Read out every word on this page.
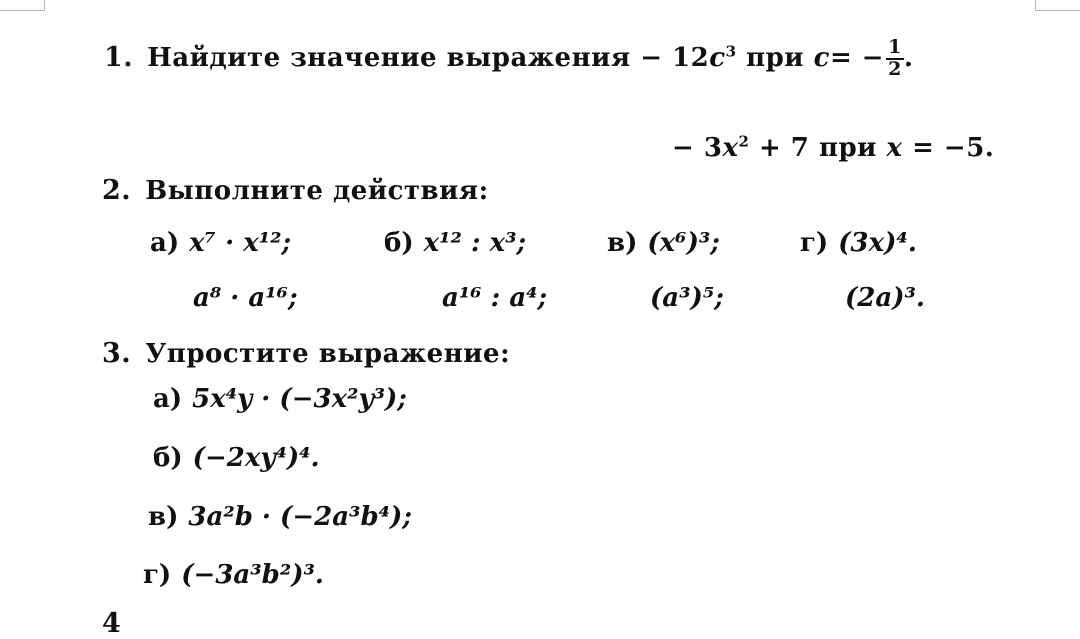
1. Найдите значение выражения − $12c^3$ при $c= - \frac{1}{2}$ .
− $3x^2 + 7$ при x = −5.
2. Выполните действия:
а) x⁷ · x¹²;	б) x¹² : x³;	в) (x⁶)³;	г) (3x)⁴.
a⁸ · a¹⁶;	a¹⁶ : a⁴;	(a³)⁵;	(2a)³.
3. Упростите выражение:
а) 5x⁴y · (−3x²y³);
б) (−2xy⁴)⁴.
в) 3a²b · (−2a³b⁴);
г) (−3a³b²)³.
4
